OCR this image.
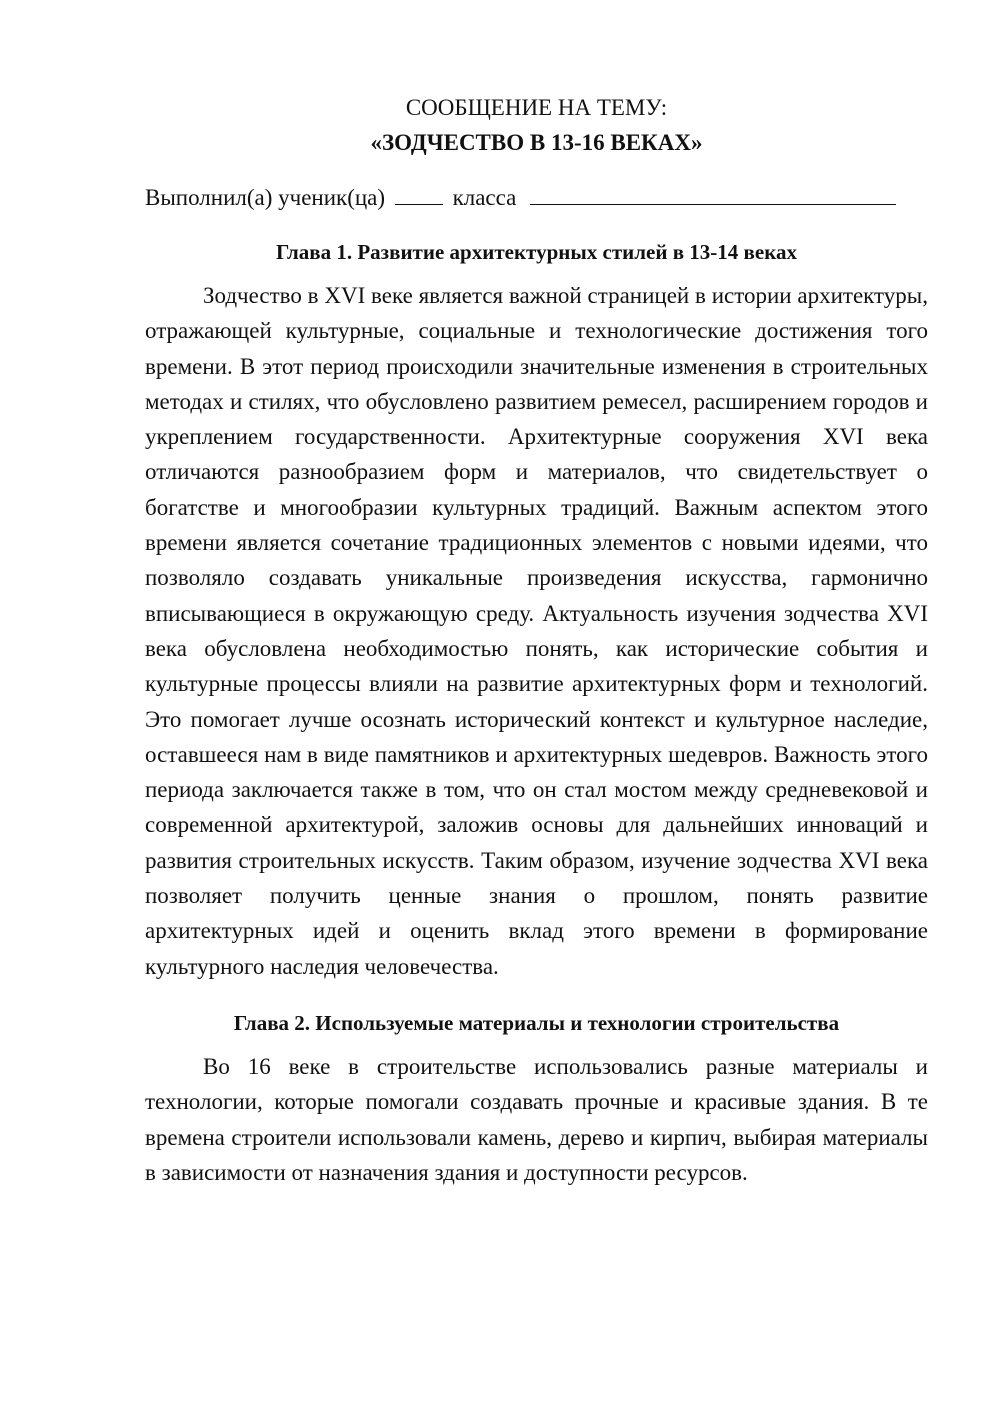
СООБЩЕНИЕ НА ТЕМУ:

«ЗОДЧЕСТВО В 13-16 ВЕКАХ»

Выполнил(а) ученик(ца)	класса

Глава 1. Развитие архитектурных стилей в 13-14 веках

Зодчество в XVI веке является важной страницей в истории архитектуры, отражающей культурные, социальные и технологические достижения того времени. В этот период происходили значительные изменения в строительных методах и стилях, что обусловлено развитием ремесел, расширением городов и укреплением государственности. Архитектурные сооружения XVI века отличаются разнообразием форм и материалов, что свидетельствует о богатстве и многообразии культурных традиций. Важным аспектом этого времени является сочетание традиционных элементов с новыми идеями, что позволяло создавать уникальные произведения искусства, гармонично вписывающиеся в окружающую среду. Актуальность изучения зодчества XVI века обусловлена необходимостью понять, как исторические события и культурные процессы влияли на развитие архитектурных форм и технологий. Это помогает лучше осознать исторический контекст и культурное наследие, оставшееся нам в виде памятников и архитектурных шедевров. Важность этого периода заключается также в том, что он стал мостом между средневековой и современной архитектурой, заложив основы для дальнейших инноваций и развития строительных искусств. Таким образом, изучение зодчества XVI века позволяет получить ценные знания о прошлом, понять развитие архитектурных идей и оценить вклад этого времени в формирование культурного наследия человечества.

Глава 2. Используемые материалы и технологии строительства

Во 16 веке в строительстве использовались разные материалы и технологии, которые помогали создавать прочные и красивые здания. В те времена строители использовали камень, дерево и кирпич, выбирая материалы в зависимости от назначения здания и доступности ресурсов.
